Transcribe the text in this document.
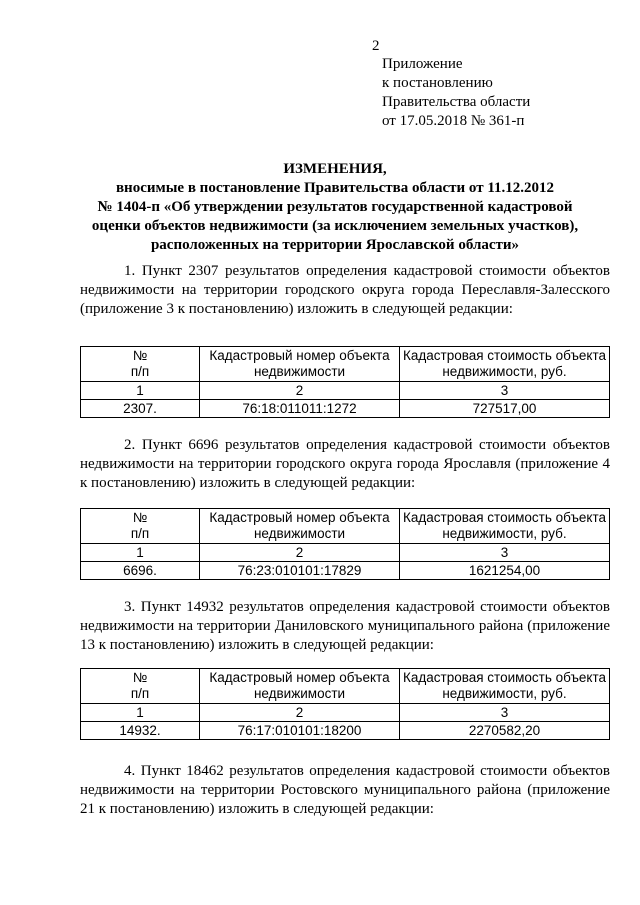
2
Приложение
к постановлению
Правительства области
от 17.05.2018 № 361-п
ИЗМЕНЕНИЯ,
вносимые в постановление Правительства области от 11.12.2012
№ 1404-п «Об утверждении результатов государственной кадастровой
оценки объектов недвижимости (за исключением земельных участков),
расположенных на территории Ярославской области»
1. Пункт 2307 результатов определения кадастровой стоимости объектов недвижимости на территории городского округа города Переславля-Залесского (приложение 3 к постановлению) изложить в следующей редакции:
№
п/п	Кадастровый номер объекта недвижимости	Кадастровая стоимость объекта недвижимости, руб.
1	2	3
2307.	76:18:011011:1272	727517,00
2. Пункт 6696 результатов определения кадастровой стоимости объектов недвижимости на территории городского округа города Ярославля (приложение 4 к постановлению) изложить в следующей редакции:
№
п/п	Кадастровый номер объекта недвижимости	Кадастровая стоимость объекта недвижимости, руб.
1	2	3
6696.	76:23:010101:17829	1621254,00
3. Пункт 14932 результатов определения кадастровой стоимости объектов недвижимости на территории Даниловского муниципального района (приложение 13 к постановлению) изложить в следующей редакции:
№
п/п	Кадастровый номер объекта недвижимости	Кадастровая стоимость объекта недвижимости, руб.
1	2	3
14932.	76:17:010101:18200	2270582,20
4. Пункт 18462 результатов определения кадастровой стоимости объектов недвижимости на территории Ростовского муниципального района (приложение 21 к постановлению) изложить в следующей редакции:
